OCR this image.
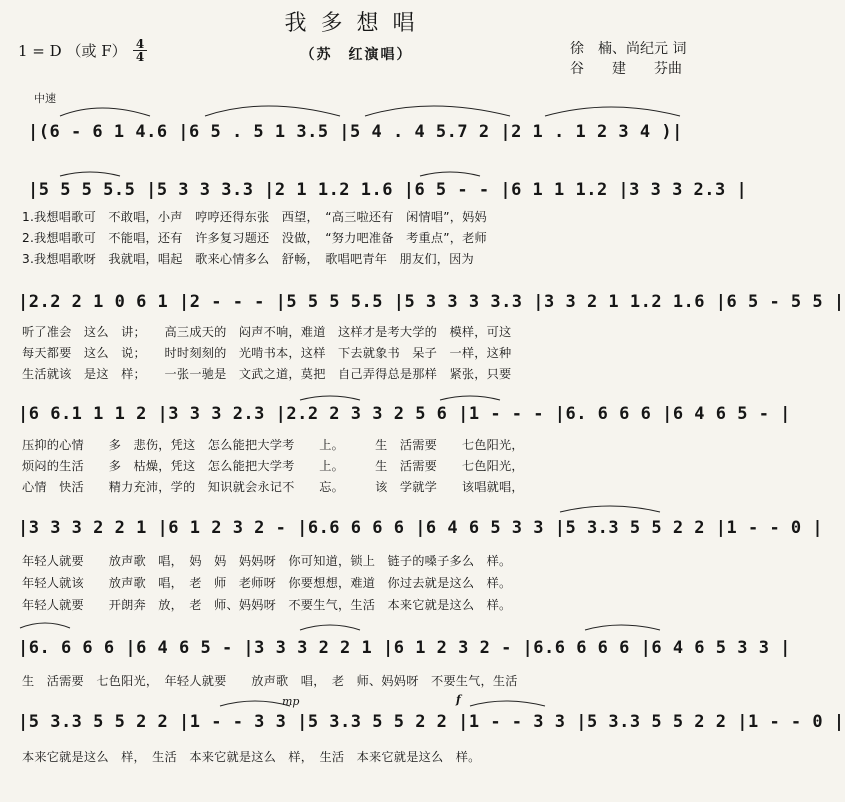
我多想唱
1 = D （或 $F) \frac{4}{4}$	（苏　红演唱）	徐　楠、尚纪元 词
谷　　建　　芬曲
中速
|(6 - 6 1 4.6 |6 5 . 5 1 3.5 |5 4 . 4 5.7 2 |2 1 . 1 2 3 4 )|
|5 5 5 5.5 |5 3 3 3.3 |2 1 1.2 1.6 |6 5 - - |6 1 1 1.2 |3 3 3 2.3 |
1.我想唱歌可　不敢唱，小声　哼哼还得东张　西望，　“高三啦还有　闲情唱”，妈妈
2.我想唱歌可　不能唱，还有　许多复习题还　没做，　“努力吧准备　考重点”，老师
3.我想唱歌呀　我就唱，唱起　歌来心情多么　舒畅，　歌唱吧青年　朋友们，因为
|2.2 2 1 0 6 1 |2 - - - |5 5 5 5.5 |5 3 3 3 3.3 |3 3 2 1 1.2 1.6 |6 5 - 5 5 |
听了准会　这么　讲；　　高三成天的　闷声不响，难道　这样才是考大学的　模样，可这
每天都要　这么　说；　　时时刻刻的　光啃书本，这样　下去就象书　呆子　一样，这种
生活就该　是这　样；　　一张一驰是　文武之道，莫把　自己弄得总是那样　紧张，只要
|6 6.1 1 1 2 |3 3 3 2.3 |2.2 2 3 3 2 5 6 |1 - - - |6. 6 6 6 |6 4 6 5 - |
压抑的心情　　多　悲伤，凭这　怎么能把大学考　　上。　　　生　活需要　　七色阳光，
烦闷的生活　　多　枯燥，凭这　怎么能把大学考　　上。　　　生　活需要　　七色阳光，
心情　快活　　精力充沛，学的　知识就会永记不　　忘。　　　该　学就学　　该唱就唱，
|3 3 3 2 2 1 |6 1 2 3 2 - |6.6 6 6 6 |6 4 6 5 3 3 |5 3.3 5 5 2 2 |1 - - 0 |
年轻人就要　　放声歌　唱，　妈　妈　妈妈呀　你可知道，锁上　链子的嗓子多么　样。
年轻人就该　　放声歌　唱，　老　师　老师呀　你要想想，难道　你过去就是这么　样。
年轻人就要　　开朗奔　放，　老　师、妈妈呀　不要生气，生活　本来它就是这么　样。
|6. 6 6 6 |6 4 6 5 - |3 3 3 2 2 1 |6 1 2 3 2 - |6.6 6 6 6 |6 4 6 5 3 3 |
生　活需要　七色阳光，　年轻人就要　　放声歌　唱，　老　师、妈妈呀　不要生气，生活
|5 3.3 5 5 2 2 |1 - - 3 3 |5 3.3 5 5 2 2 |1 - - 3 3 |5 3.3 5 5 2 2 |1 - - 0 |
本来它就是这么　样，　生活　本来它就是这么　样，　生活　本来它就是这么　样。
mp	f
